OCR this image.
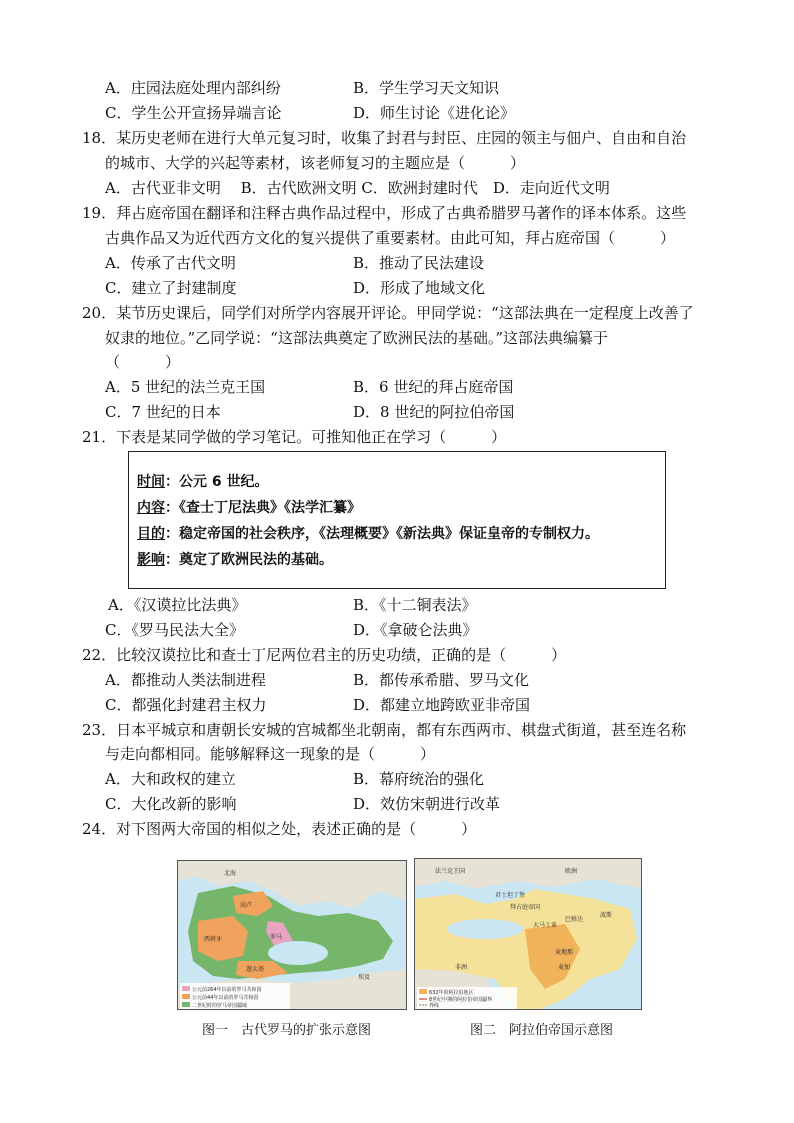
A．庄园法庭处理内部纠纷	B．学生学习天文知识
C．学生公开宣扬异端言论	D．师生讨论《进化论》
18．某历史老师在进行大单元复习时，收集了封君与封臣、庄园的领主与佃户、自由和自治
的城市、大学的兴起等素材，该老师复习的主题应是（　　　）
A．古代亚非文明　 B．古代欧洲文明 C．欧洲封建时代　D．走向近代文明
19．拜占庭帝国在翻译和注释古典作品过程中，形成了古典希腊罗马著作的译本体系。这些
古典作品又为近代西方文化的复兴提供了重要素材。由此可知，拜占庭帝国（　　　）
A．传承了古代文明	B．推动了民法建设
C．建立了封建制度	D．形成了地域文化
20．某节历史课后，同学们对所学内容展开评论。甲同学说：“这部法典在一定程度上改善了
奴隶的地位。”乙同学说：“这部法典奠定了欧洲民法的基础。”这部法典编纂于
（　　　）
A．5 世纪的法兰克王国	B．6 世纪的拜占庭帝国
C．7 世纪的日本	D．8 世纪的阿拉伯帝国
21．下表是某同学做的学习笔记。可推知他正在学习（　　　）
时间：公元 6 世纪。
内容：《查士丁尼法典》《法学汇纂》
目的：稳定帝国的社会秩序，《法理概要》《新法典》保证皇帝的专制权力。
影响：奠定了欧洲民法的基础。
A．《汉谟拉比法典》	B．《十二铜表法》
C．《罗马民法大全》	D．《拿破仑法典》
22．比较汉谟拉比和查士丁尼两位君主的历史功绩，正确的是（　　　）
A．都推动人类法制进程	B．都传承希腊、罗马文化
C．都强化封建君主权力	D．都建立地跨欧亚非帝国
23．日本平城京和唐朝长安城的宫城都坐北朝南，都有东西两市、棋盘式街道，甚至连名称
与走向都相同。能够解释这一现象的是（　　　）
A．大和政权的建立	B．幕府统治的强化
C．大化改新的影响	D．效仿宋朝进行改革
24．对下图两大帝国的相似之处，表述正确的是（　　　）
北海
高卢
西班牙	罗马
迦太基
埃及
公元前264年以前的罗马共和国
公元前44年以前的罗马共和国
二世纪时的罗马帝国疆域
图一　古代罗马的扩张示意图
法兰克王国	欧洲
君士坦丁堡
拜占庭帝国
大马士革
巴格达
波斯
非洲
麦地那
麦加
632年的阿拉伯地区
8世纪中期的阿拉伯帝国疆界
界线
图二　阿拉伯帝国示意图
